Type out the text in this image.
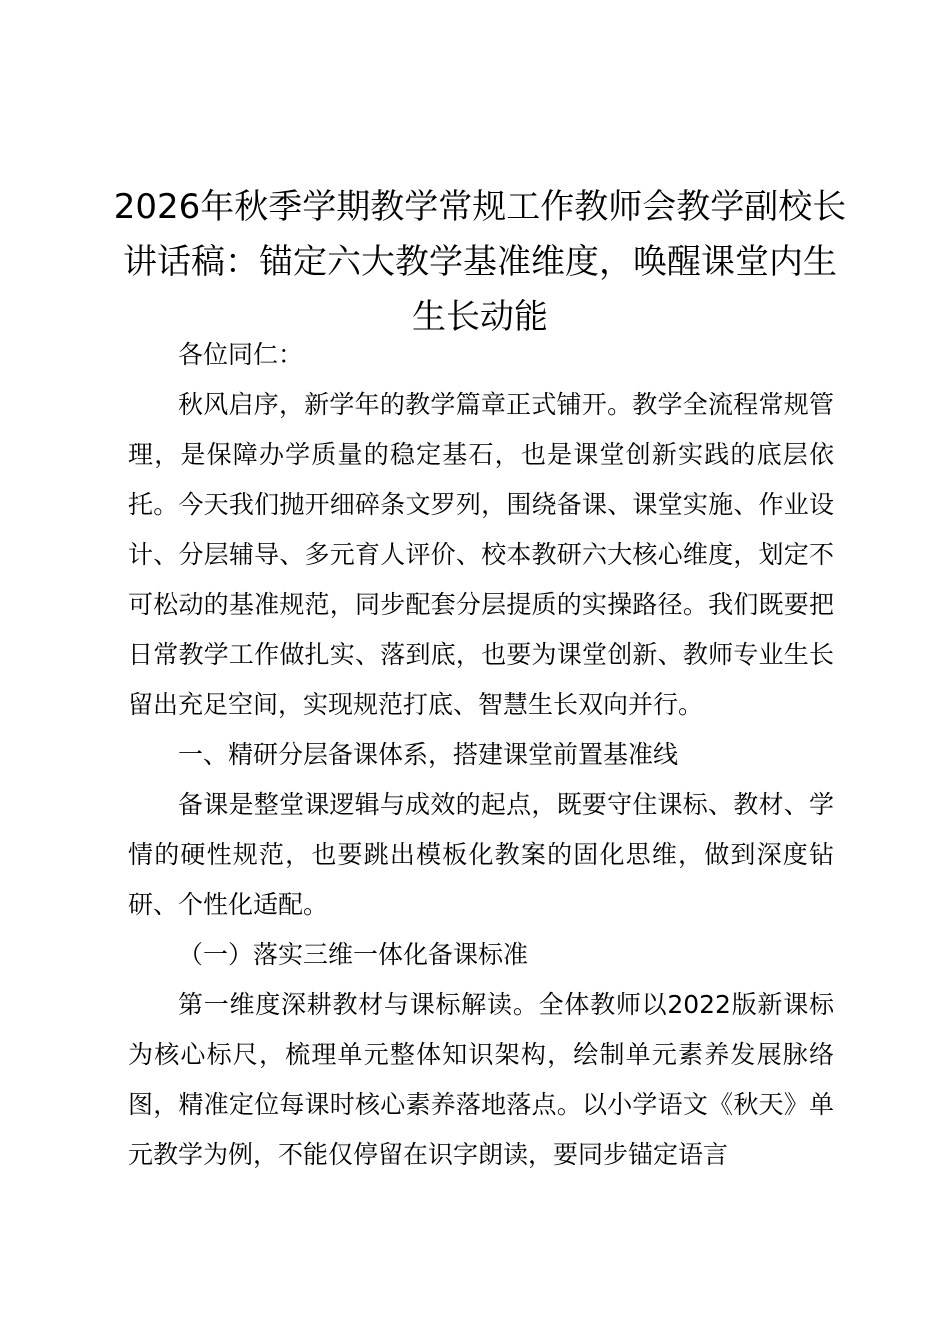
2026年秋季学期教学常规工作教师会教学副校长讲话稿：锚定六大教学基准维度，唤醒课堂内生生长动能

各位同仁：

秋风启序，新学年的教学篇章正式铺开。教学全流程常规管理，是保障办学质量的稳定基石，也是课堂创新实践的底层依托。今天我们抛开细碎条文罗列，围绕备课、课堂实施、作业设计、分层辅导、多元育人评价、校本教研六大核心维度，划定不可松动的基准规范，同步配套分层提质的实操路径。我们既要把日常教学工作做扎实、落到底，也要为课堂创新、教师专业生长留出充足空间，实现规范打底、智慧生长双向并行。

一、精研分层备课体系，搭建课堂前置基准线

备课是整堂课逻辑与成效的起点，既要守住课标、教材、学情的硬性规范，也要跳出模板化教案的固化思维，做到深度钻研、个性化适配。

（一）落实三维一体化备课标准

第一维度深耕教材与课标解读。全体教师以2022版新课标为核心标尺，梳理单元整体知识架构，绘制单元素养发展脉络图，精准定位每课时核心素养落地落点。以小学语文《秋天》单元教学为例，不能仅停留在识字朗读，要同步锚定语言
